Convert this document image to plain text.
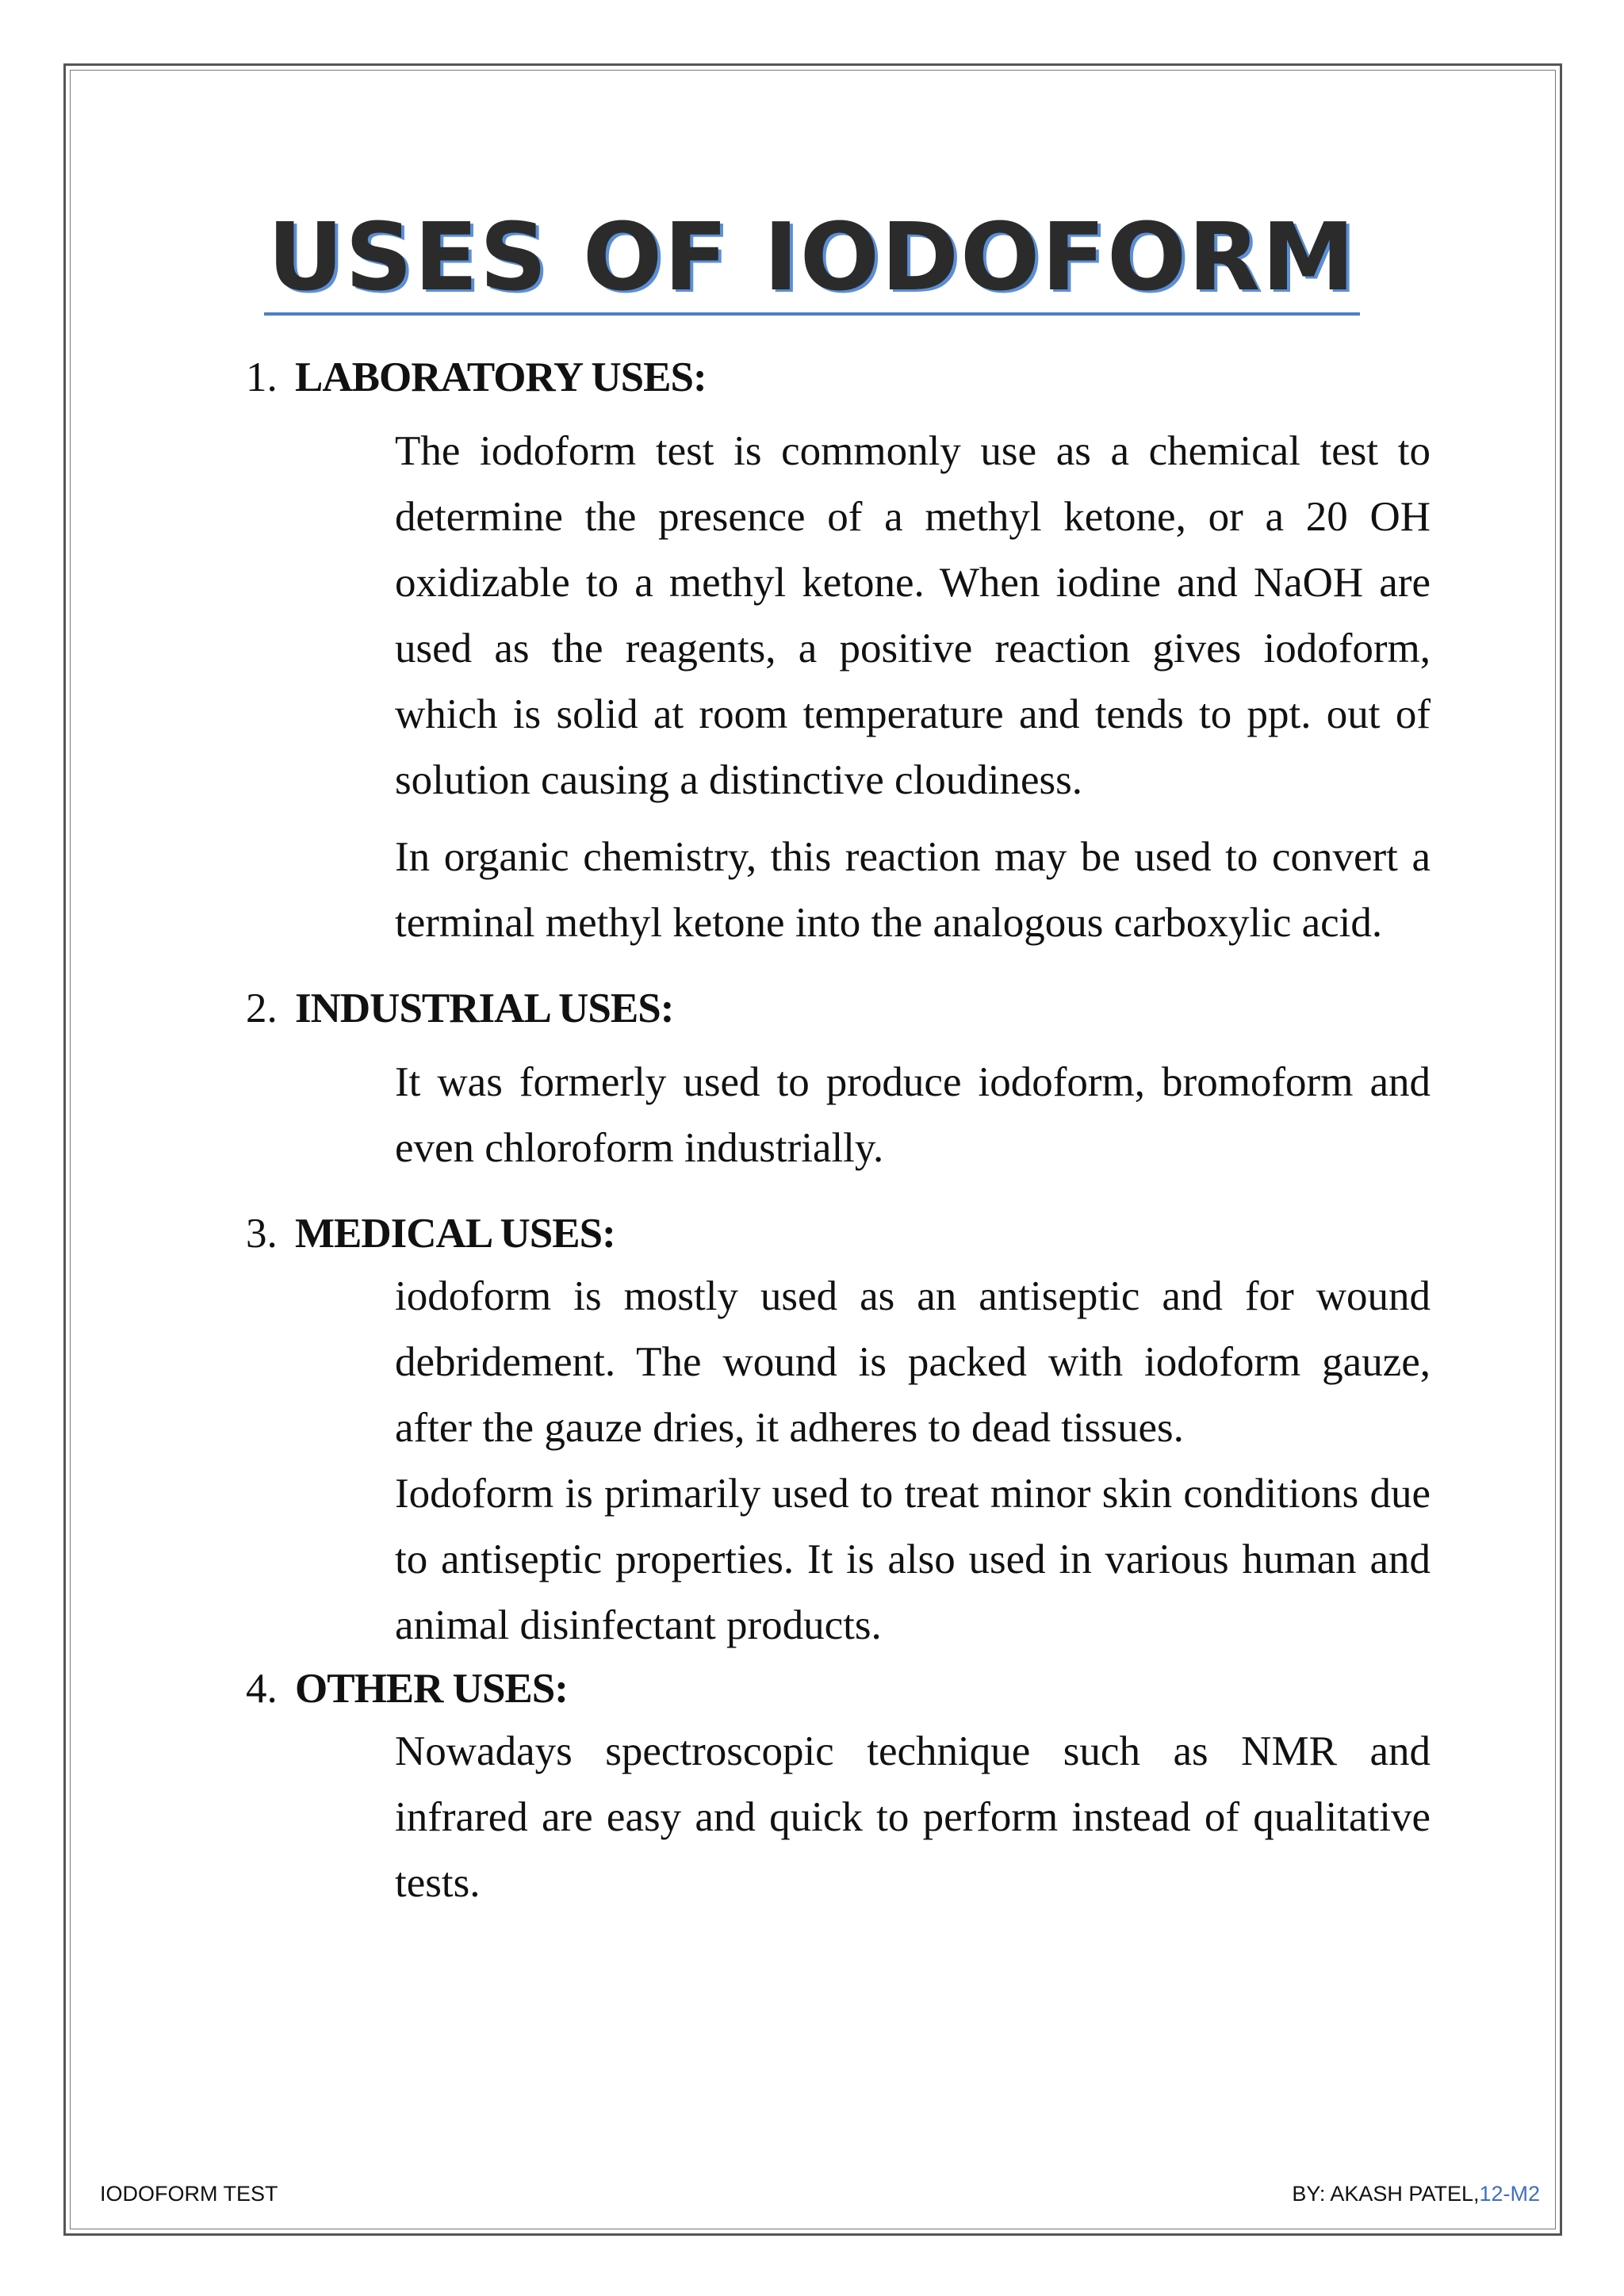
USES OF IODOFORM
1. LABORATORY USES:

The iodoform test is commonly use as a chemical test to determine the presence of a methyl ketone, or a 20 OH oxidizable to a methyl ketone. When iodine and NaOH are used as the reagents, a positive reaction gives iodoform, which is solid at room temperature and tends to ppt. out of solution causing a distinctive cloudiness.

In organic chemistry, this reaction may be used to convert a terminal methyl ketone into the analogous carboxylic acid.

2. INDUSTRIAL USES:

It was formerly used to produce iodoform, bromoform and even chloroform industrially.

3. MEDICAL USES:

iodoform is mostly used as an antiseptic and for wound debridement. The wound is packed with iodoform gauze, after the gauze dries, it adheres to dead tissues.

Iodoform is primarily used to treat minor skin conditions due to antiseptic properties. It is also used in various human and animal disinfectant products.

4. OTHER USES:

Nowadays spectroscopic technique such as NMR and infrared are easy and quick to perform instead of qualitative tests.

IODOFORM TEST	BY: AKASH PATEL,12-M2
